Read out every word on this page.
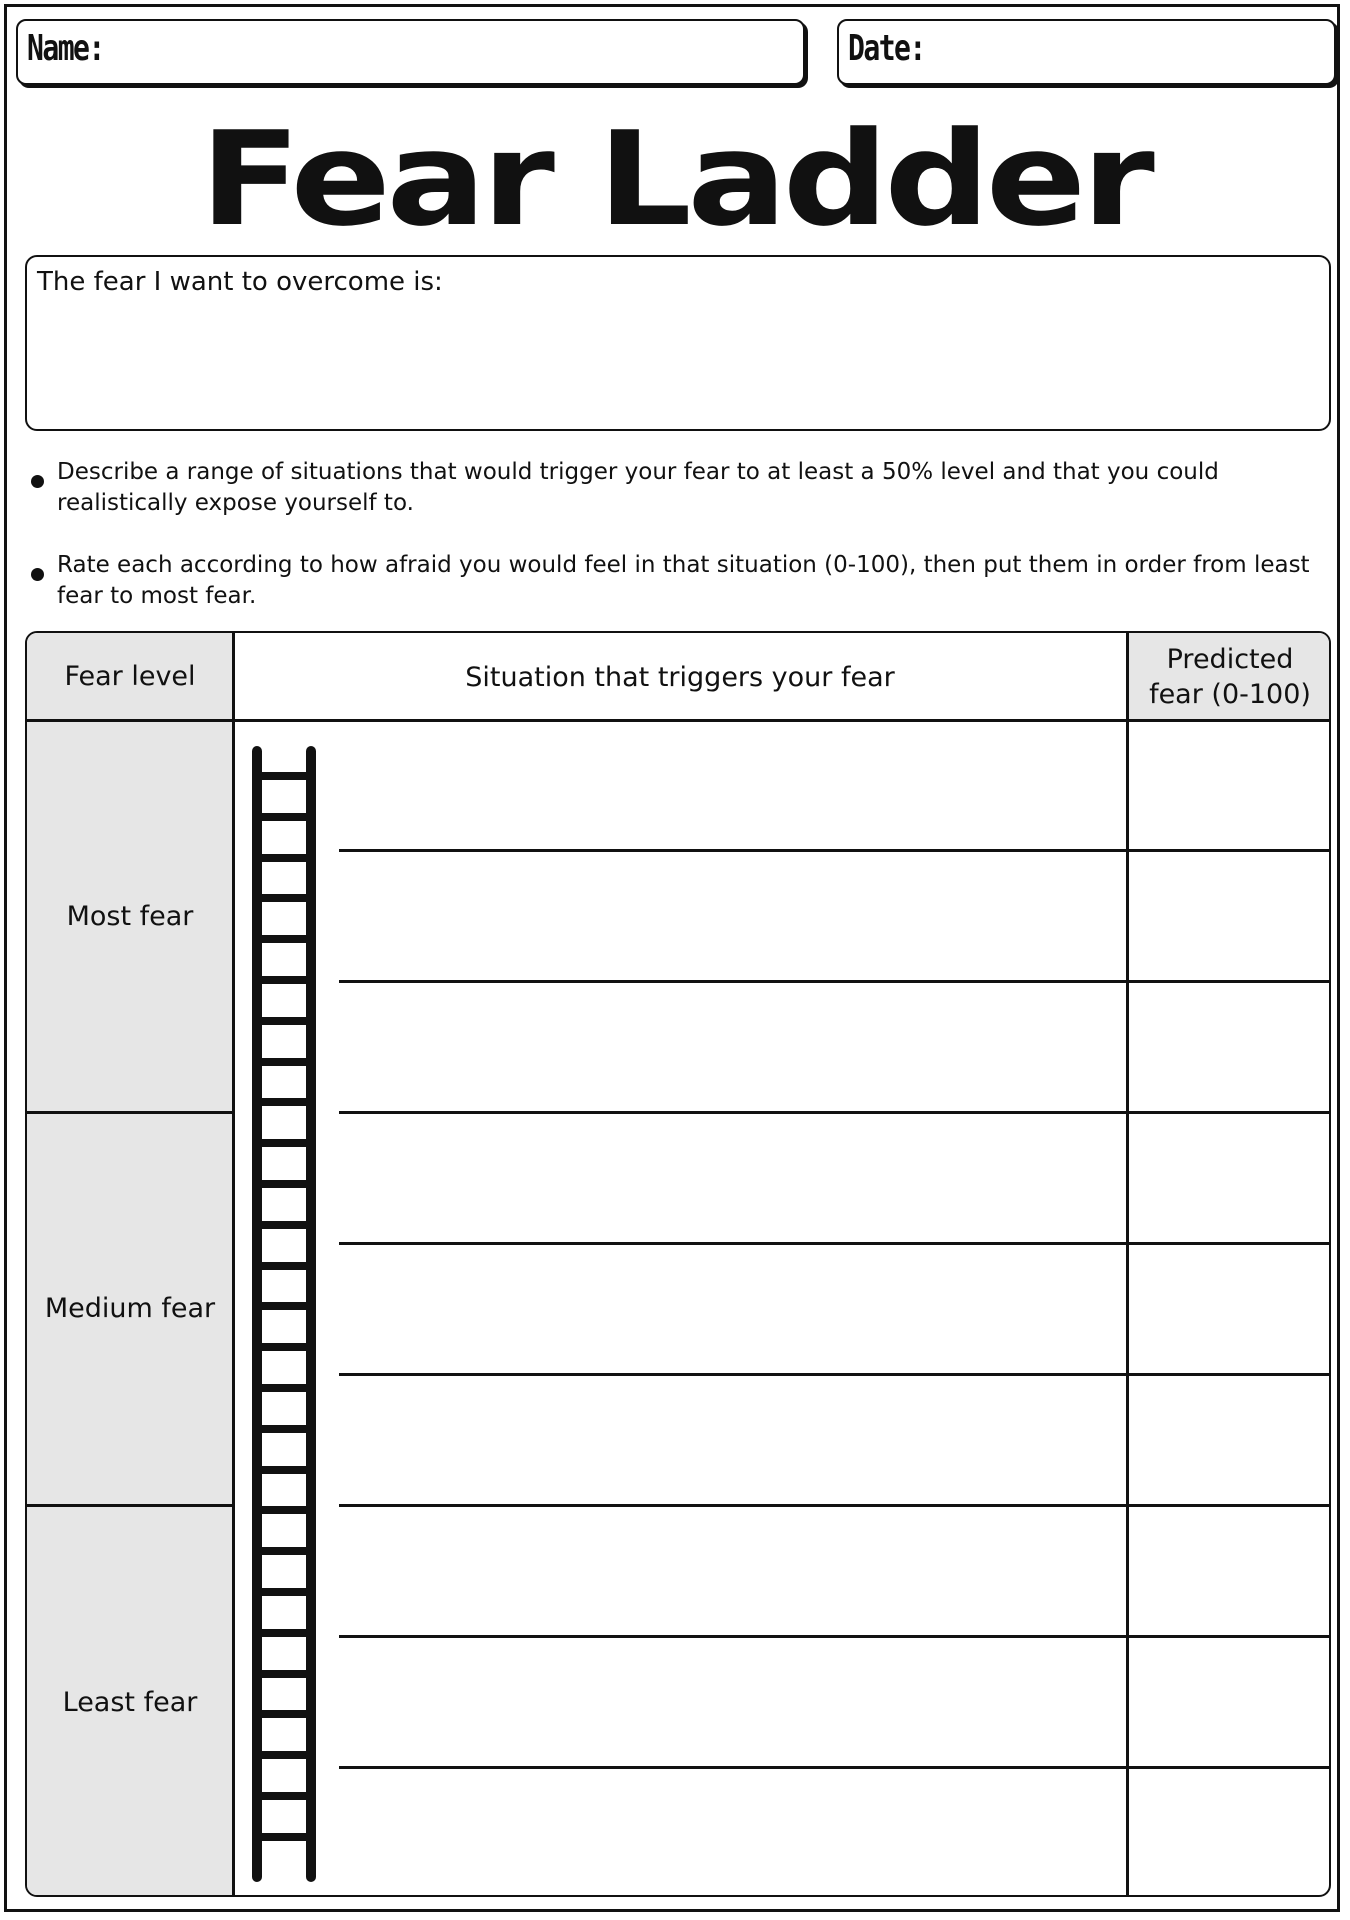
Name:	Date:
Fear Ladder
The fear I want to overcome is:
Describe a range of situations that would trigger your fear to at least a 50% level and that you could realistically expose yourself to.
Rate each according to how afraid you would feel in that situation (0-100), then put them in order from least fear to most fear.
Fear level	Situation that triggers your fear
Predicted
fear (0-100)
Most fear
Medium fear
Least fear
